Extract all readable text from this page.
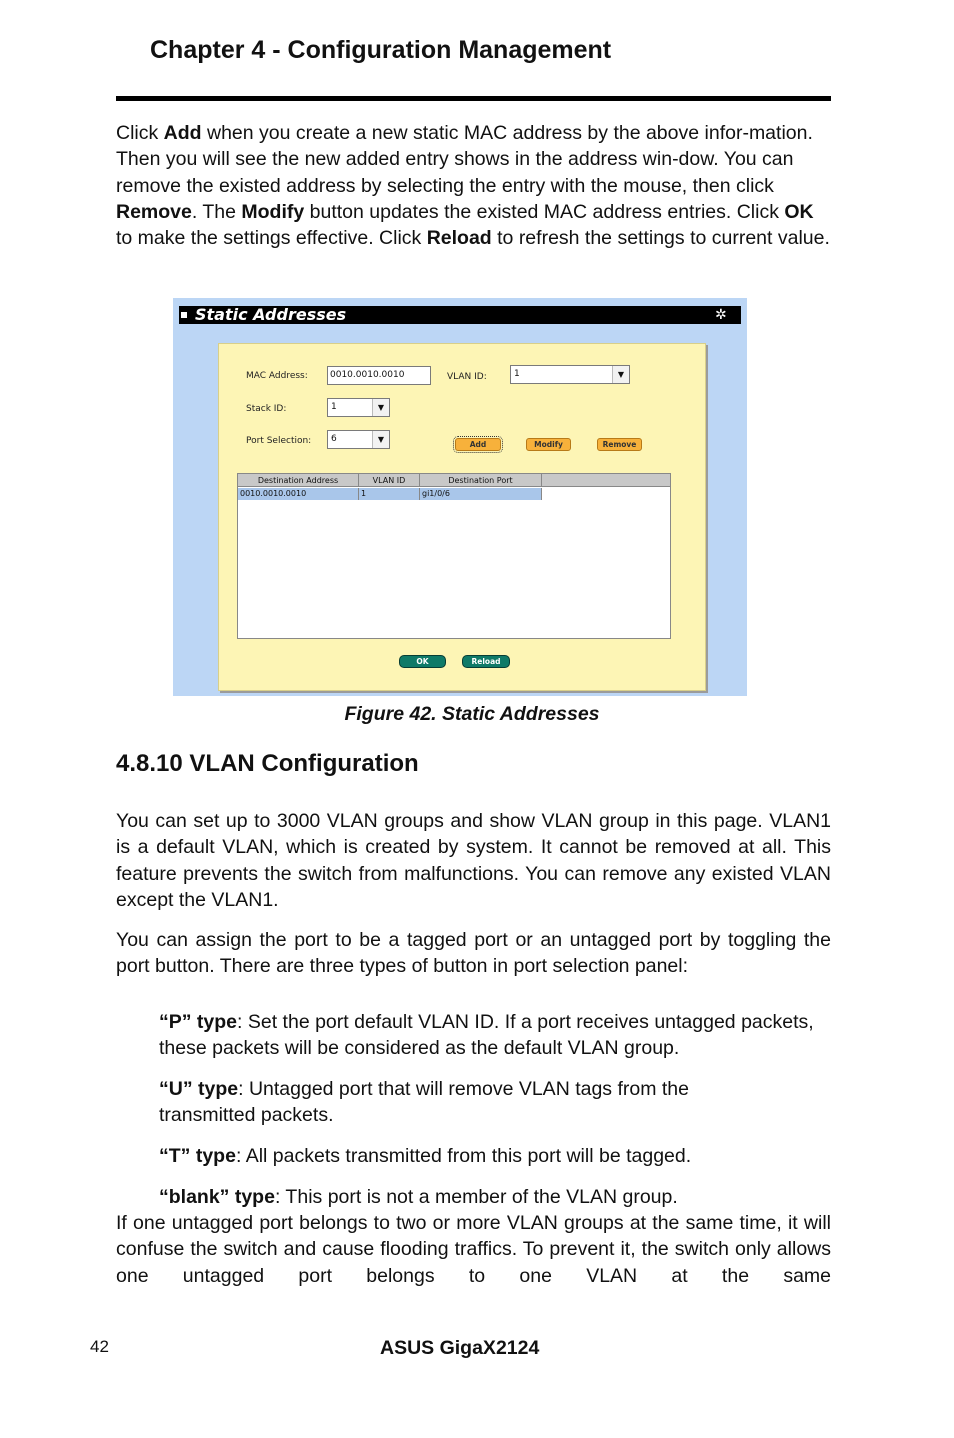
Chapter 4 - Configuration Management
Click Add when you create a new static MAC address by the above infor-mation. Then you will see the new added entry shows in the address win-dow. You can remove the existed address by selecting the entry with the mouse, then click Remove. The Modify button updates the existed MAC address entries. Click OK to make the settings effective. Click Reload to refresh the settings to current value.
Static Addresses	✲
MAC Address:	0010.0010.0010	VLAN ID:	1	▼
Stack ID:	1	▼
Port Selection:	6	▼
Add	Modify	Remove
Destination Address	VLAN ID	Destination Port
0010.0010.0010	1	gi1/0/6
OK	Reload
Figure 42. Static Addresses
4.8.10 VLAN Configuration
You can set up to 3000 VLAN groups and show VLAN group in this page. VLAN1 is a default VLAN, which is created by system. It cannot be removed at all. This feature prevents the switch from malfunctions. You can remove any existed VLAN except the VLAN1.
You can assign the port to be a tagged port or an untagged port by toggling the port button. There are three types of button in port selection panel:
“P” type: Set the port default VLAN ID. If a port receives untagged packets, these packets will be considered as the default VLAN group.
“U” type: Untagged port that will remove VLAN tags from the transmitted packets.
“T” type: All packets transmitted from this port will be tagged.
“blank” type: This port is not a member of the VLAN group.
If one untagged port belongs to two or more VLAN groups at the same time, it will confuse the switch and cause flooding traffics. To prevent it, the switch only allows one untagged port belongs to one VLAN at the same
42	ASUS GigaX2124
